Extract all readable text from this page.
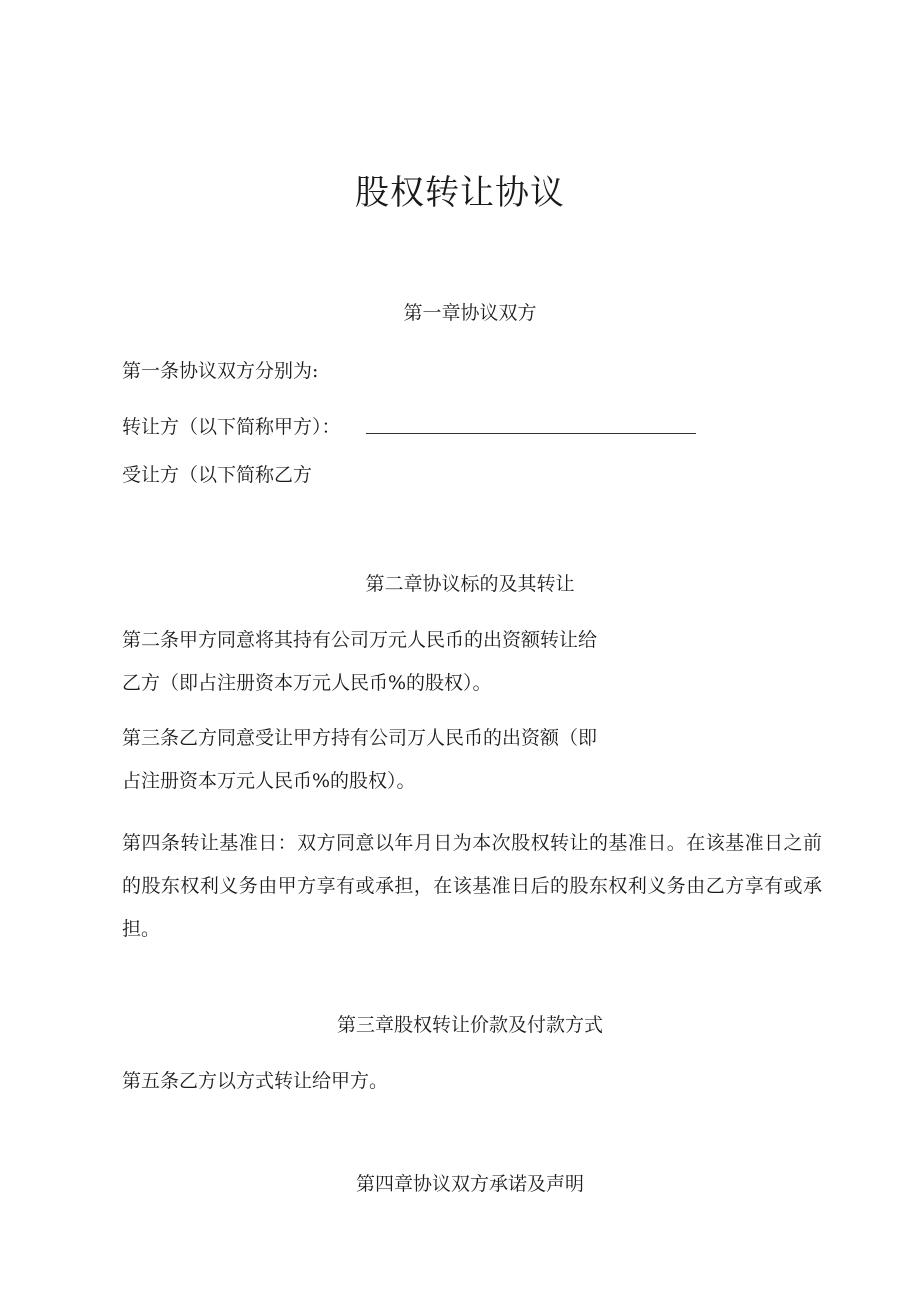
股权转让协议
第一章协议双方
第一条协议双方分别为:
转让方（以下简称甲方）：
受让方（以下简称乙方
第二章协议标的及其转让
第二条甲方同意将其持有公司万元人民币的出资额转让给
乙方（即占注册资本万元人民币%的股权）。
第三条乙方同意受让甲方持有公司万人民币的出资额（即
占注册资本万元人民币%的股权）。
第四条转让基准日：双方同意以年月日为本次股权转让的基准日。在该基准日之前的股东权利义务由甲方享有或承担，在该基准日后的股东权利义务由乙方享有或承担。
第三章股权转让价款及付款方式
第五条乙方以方式转让给甲方。
第四章协议双方承诺及声明
